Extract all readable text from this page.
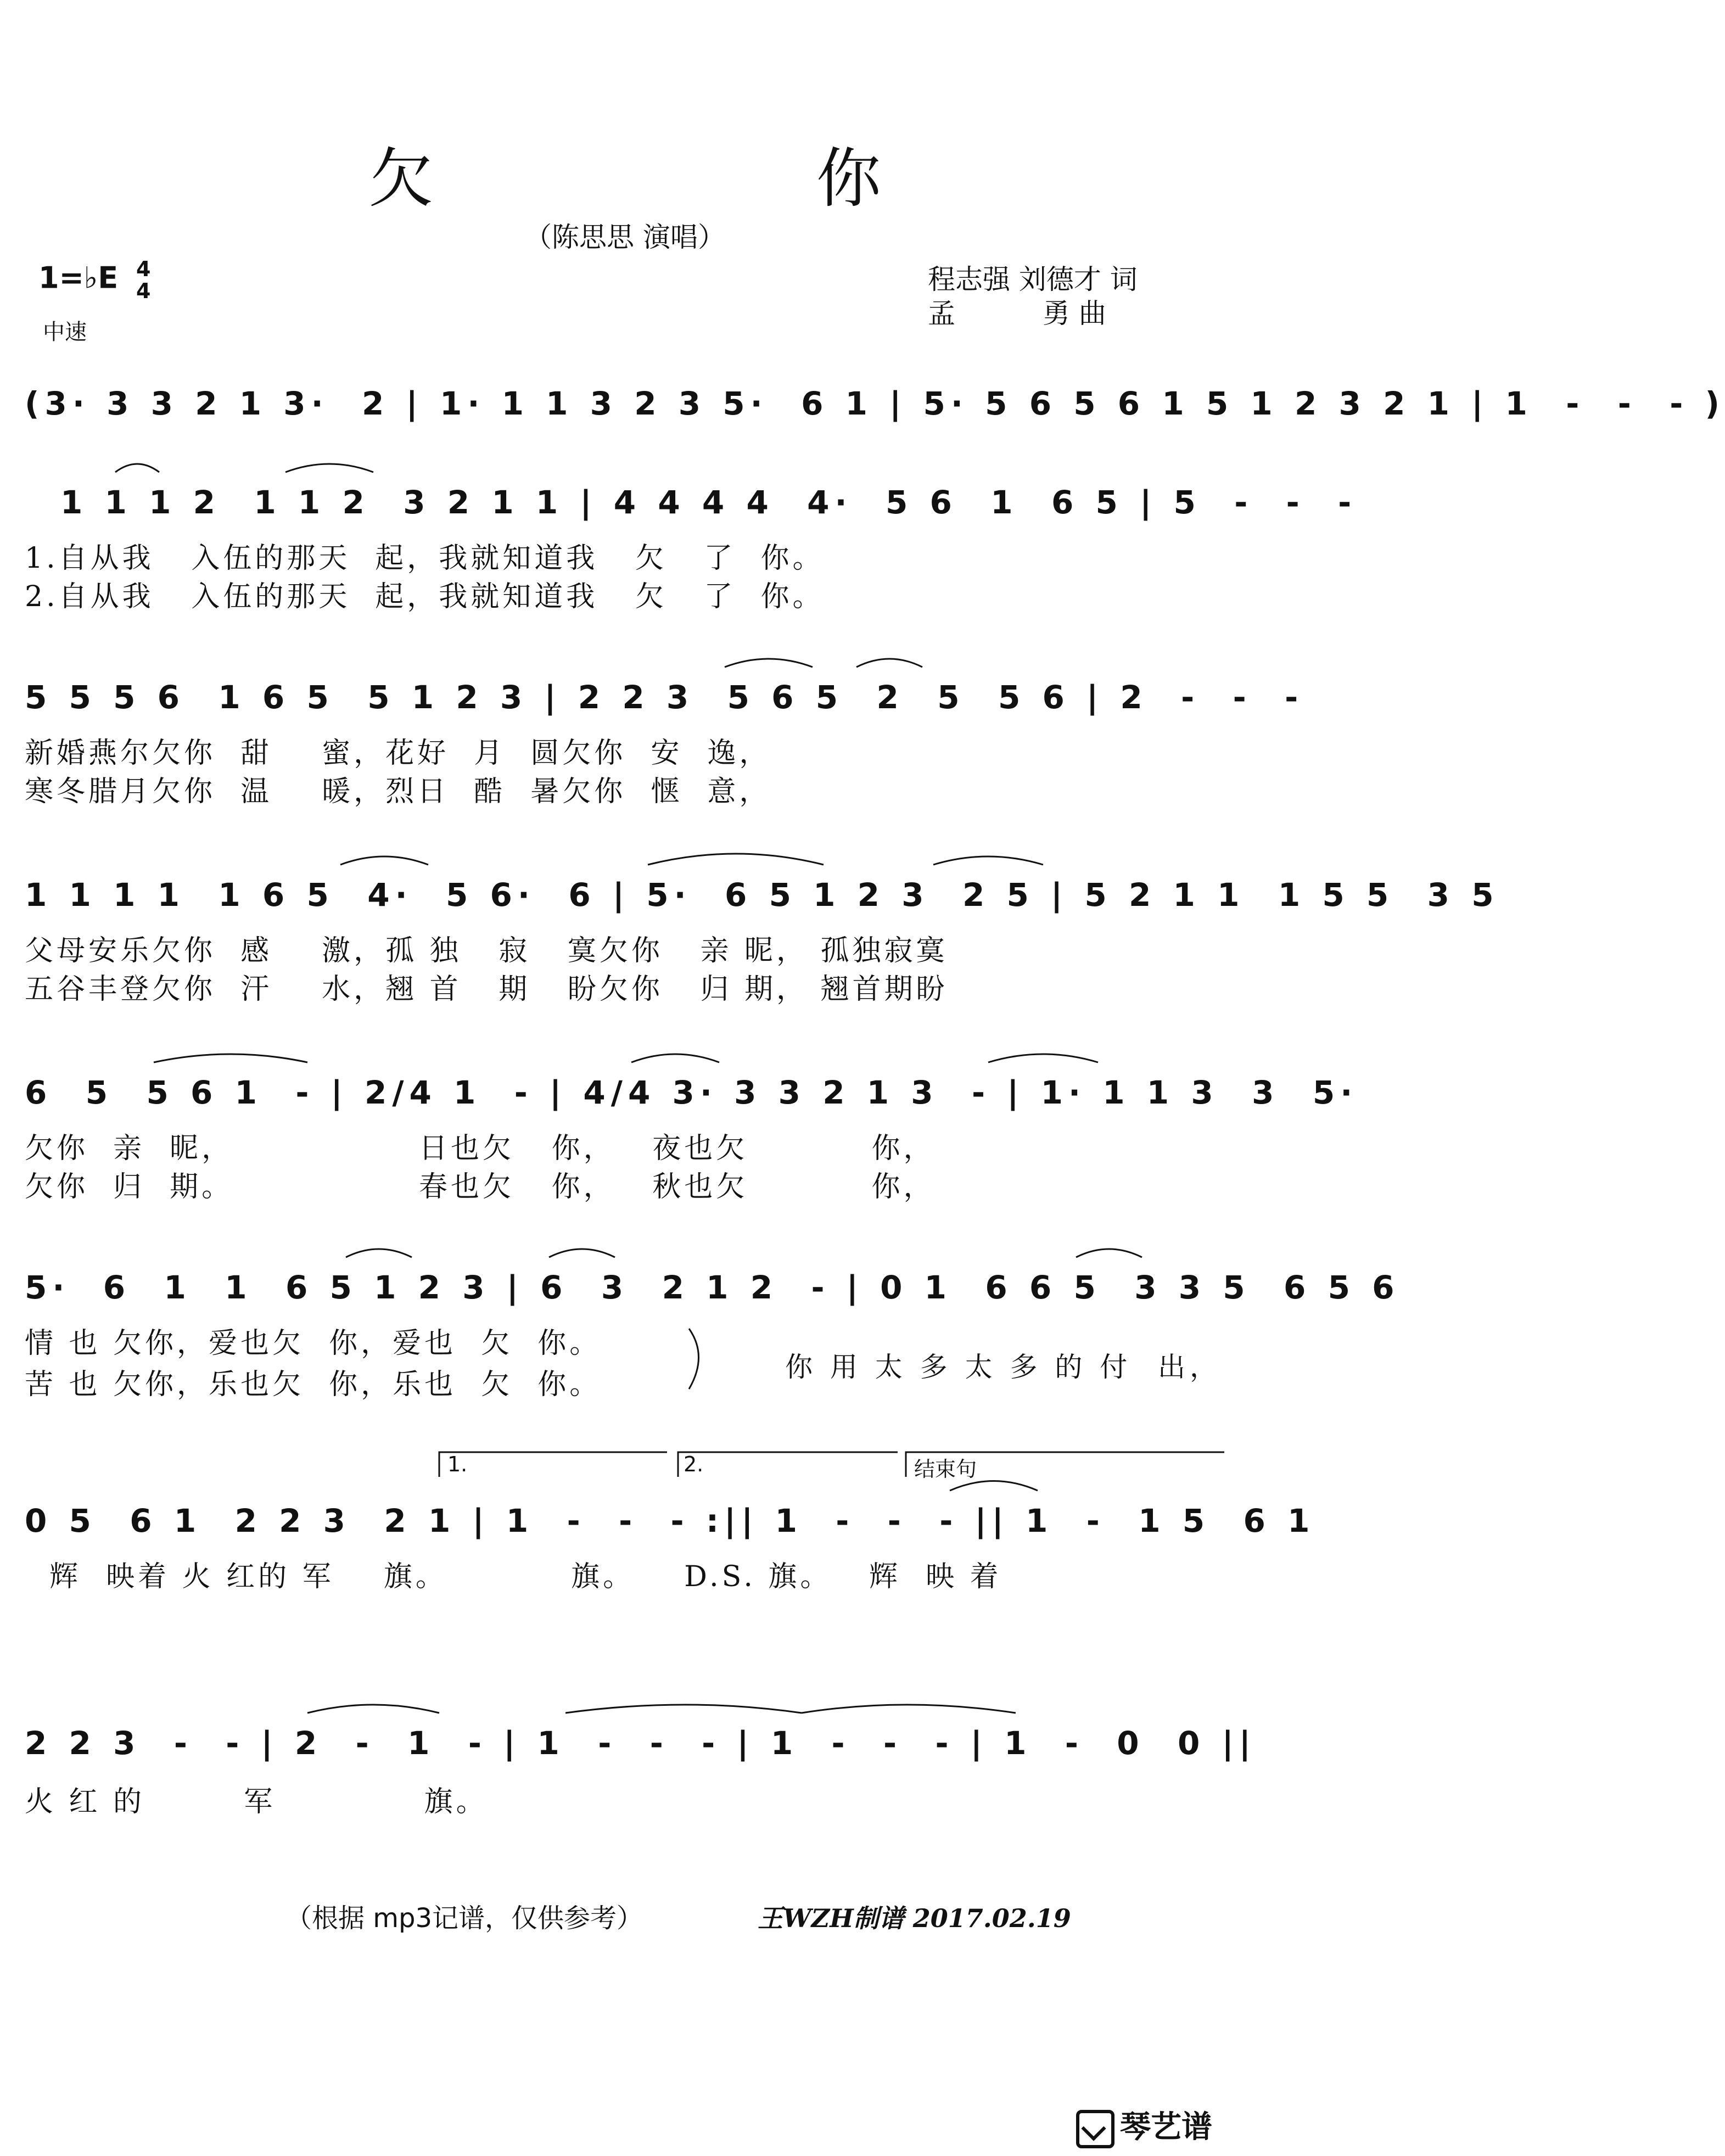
欠 你
（陈思思 演唱）
1=♭E 4
4
中速
程志强 刘德才 词
孟          勇 曲
(3· 3 3 2 1 3·  2 | 1· 1 1 3 2 3 5·  6 1 | 5· 5 6 5 6 1 5 1 2 3 2 1 | 1  -  -  - )
1 1 1 2  1 1 2  3 2 1 1 | 4 4 4 4  4·  5 6  1  6 5 | 5  -  -  -
1.自从我   入伍的那天  起，我就知道我   欠   了  你。
2.自从我   入伍的那天  起，我就知道我   欠   了  你。
5 5 5 6  1 6 5  5 1 2 3 | 2 2 3  5 6 5  2  5  5 6 | 2  -  -  -
新婚燕尔欠你  甜    蜜，花好  月  圆欠你  安  逸，
寒冬腊月欠你  温    暖，烈日  酷  暑欠你  惬  意，
1 1 1 1  1 6 5  4·  5 6·  6 | 5·  6 5 1 2 3  2 5 | 5 2 1 1  1 5 5  3 5
父母安乐欠你  感    激，孤 独   寂   寞欠你   亲 昵， 孤独寂寞
五谷丰登欠你  汗    水，翘 首   期   盼欠你   归 期， 翘首期盼
6  5  5 6 1  - | 2/4 1  - | 4/4 3· 3 3 2 1 3  - | 1· 1 1 3  3  5·
欠你  亲  昵，               日也欠   你，   夜也欠          你，
欠你  归  期。               春也欠   你，   秋也欠          你，
5·  6  1  1  6 5 1 2 3 | 6  3  2 1 2  - | 0 1  6 6 5  3 3 5  6 5 6
情 也 欠你，爱也欠  你，爱也  欠  你。
苦 也 欠你，乐也欠  你，乐也  欠  你。
你 用 太 多 太 多 的 付  出，
1.	2.	结束句
0 5  6 1  2 2 3  2 1 | 1  -  -  - :|| 1  -  -  - || 1  -  1 5  6 1
辉  映着 火 红的 军    旗。          旗。    D.S. 旗。   辉  映 着
2 2 3  -  - | 2  -  1  - | 1  -  -  - | 1  -  -  - | 1  -  0  0 ||
火 红 的        军            旗。
（根据 mp3记谱，仅供参考）	王WZH制谱 2017.02.19
琴艺谱
